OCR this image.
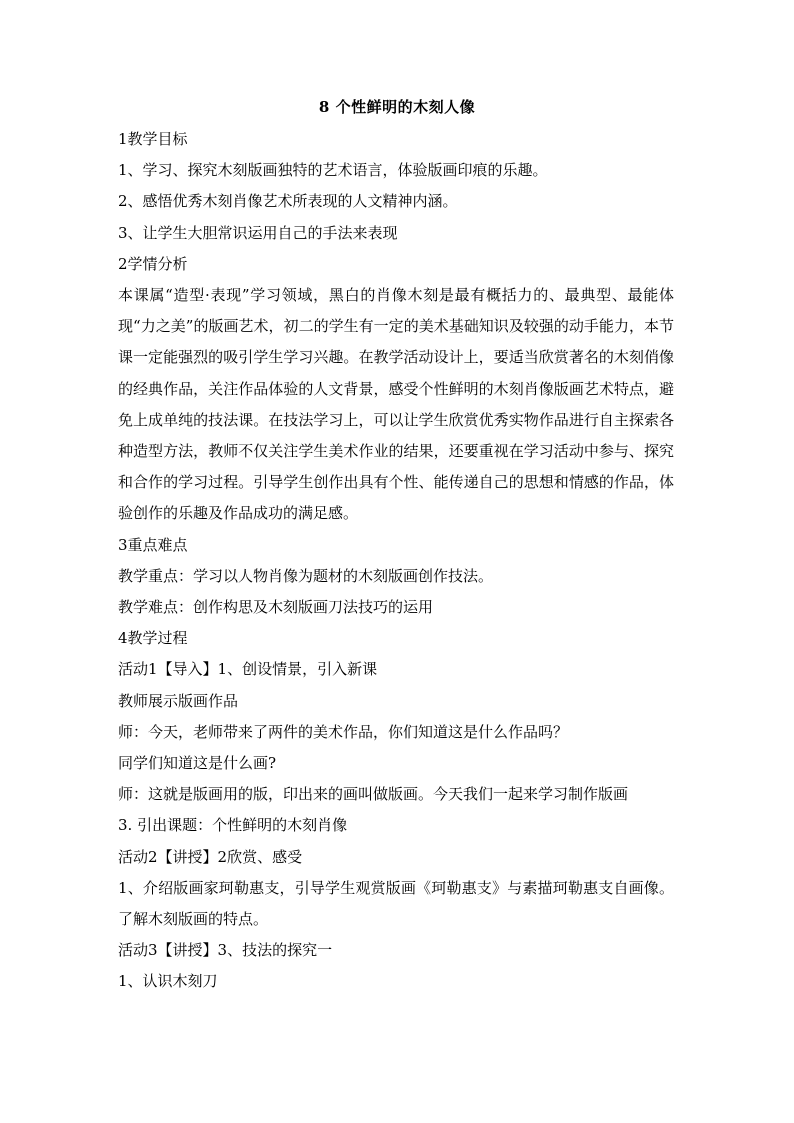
8 个性鲜明的木刻人像

1教学目标

1、学习、探究木刻版画独特的艺术语言，体验版画印痕的乐趣。

2、感悟优秀木刻肖像艺术所表现的人文精神内涵。

3、让学生大胆常识运用自己的手法来表现

2学情分析

本课属“造型·表现”学习领域，黑白的肖像木刻是最有概括力的、最典型、最能体现“力之美”的版画艺术，初二的学生有一定的美术基础知识及较强的动手能力，本节课一定能强烈的吸引学生学习兴趣。在教学活动设计上，要适当欣赏著名的木刻俏像的经典作品，关注作品体验的人文背景，感受个性鲜明的木刻肖像版画艺术特点，避免上成单纯的技法课。在技法学习上，可以让学生欣赏优秀实物作品进行自主探索各种造型方法，教师不仅关注学生美术作业的结果，还要重视在学习活动中参与、探究和合作的学习过程。引导学生创作出具有个性、能传递自己的思想和情感的作品，体验创作的乐趣及作品成功的满足感。

3重点难点

教学重点：学习以人物肖像为题材的木刻版画创作技法。

教学难点：创作构思及木刻版画刀法技巧的运用

4教学过程

活动1【导入】1、创设情景，引入新课

教师展示版画作品

师：今天，老师带来了两件的美术作品，你们知道这是什么作品吗？

同学们知道这是什么画?

师：这就是版画用的版，印出来的画叫做版画。今天我们一起来学习制作版画

3. 引出课题：个性鲜明的木刻肖像

活动2【讲授】2欣赏、感受

1、介绍版画家珂勒惠支，引导学生观赏版画《珂勒惠支》与素描珂勒惠支自画像。了解木刻版画的特点。

活动3【讲授】3、技法的探究一

1、认识木刻刀
